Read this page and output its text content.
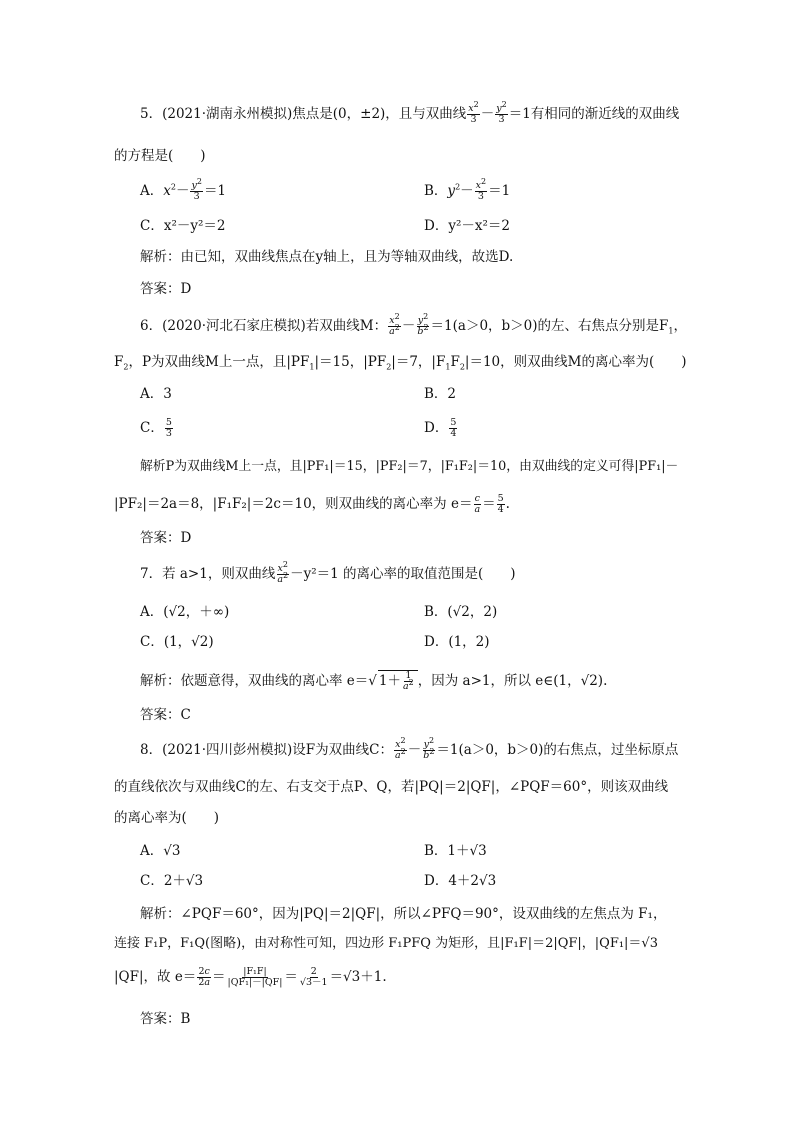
5．(2021·湖南永州模拟)焦点是(0，±2)，且与双曲线 $\frac{x^2}{3} - \frac{y^2}{3} =1$有相同的渐近线的双曲线
的方程是(　　)
A．$x^2- \frac{y^2}{3} =1$	B．$y^2- \frac{x^2}{3} =1$
C．x²－y²＝2	D．y²－x²＝2
解析：由已知，双曲线焦点在y轴上，且为等轴双曲线，故选D.
答案：D
6．(2020·河北石家庄模拟)若双曲线M： $\frac{x^2}{a^2} - \frac{y^2}{b^2} =1(a>0$，b＞0)的左、右焦点分别是$F_1$，
$F_2$，P为双曲线M上一点，且$|PF_1|=15$，$|PF_2|=7$，$|F_1F_2|=10$，则双曲线M的离心率为(　　)
A．3	B．2
C． $\frac{5}{3}$	D． $\frac{5}{4}$
解析P为双曲线M上一点，且|PF₁|＝15，|PF₂|＝7，|F₁F₂|＝10，由双曲线的定义可得|PF₁|－
|PF₂|＝2a＝8，|F₁F₂|＝2c＝10，则双曲线的离心率为 $e= \frac{c}{a} = \frac{5}{4}$ .
答案：D
7．若 a>1，则双曲线 $\frac{x^2}{a^2} -y^2=1$ 的离心率的取值范围是(　　)
A．(√2，＋∞)	B．(√2，2)
C．(1，√2)	D．(1，2)
解析：依题意得，双曲线的离心率 e＝√ $1+ \frac{1}{a^2}$ ，因为 a>1，所以 e∈(1，√2).
答案：C
8．(2021·四川彭州模拟)设F为双曲线C： $\frac{x^2}{a^2} - \frac{y^2}{b^2} =1(a>0$，b＞0)的右焦点，过坐标原点
的直线依次与双曲线C的左、右支交于点P、Q，若|PQ|＝2|QF|，∠PQF＝60°，则该双曲线
的离心率为(　　)
A．√3	B．1＋√3
C．2＋√3	D．4＋2√3
解析：∠PQF＝60°，因为|PQ|＝2|QF|，所以∠PFQ＝90°，设双曲线的左焦点为 F₁，
连接 F₁P，F₁Q(图略)，由对称性可知，四边形 F₁PFQ 为矩形，且|F₁F|＝2|QF|，|QF₁|＝√3
|QF|，故 $e= \frac{2c}{2a} = \frac{\text{|F₁F|}}{\text{|QF₁|－|QF|}} = \frac{2}{√3-1} =√3+1$.
答案：B
